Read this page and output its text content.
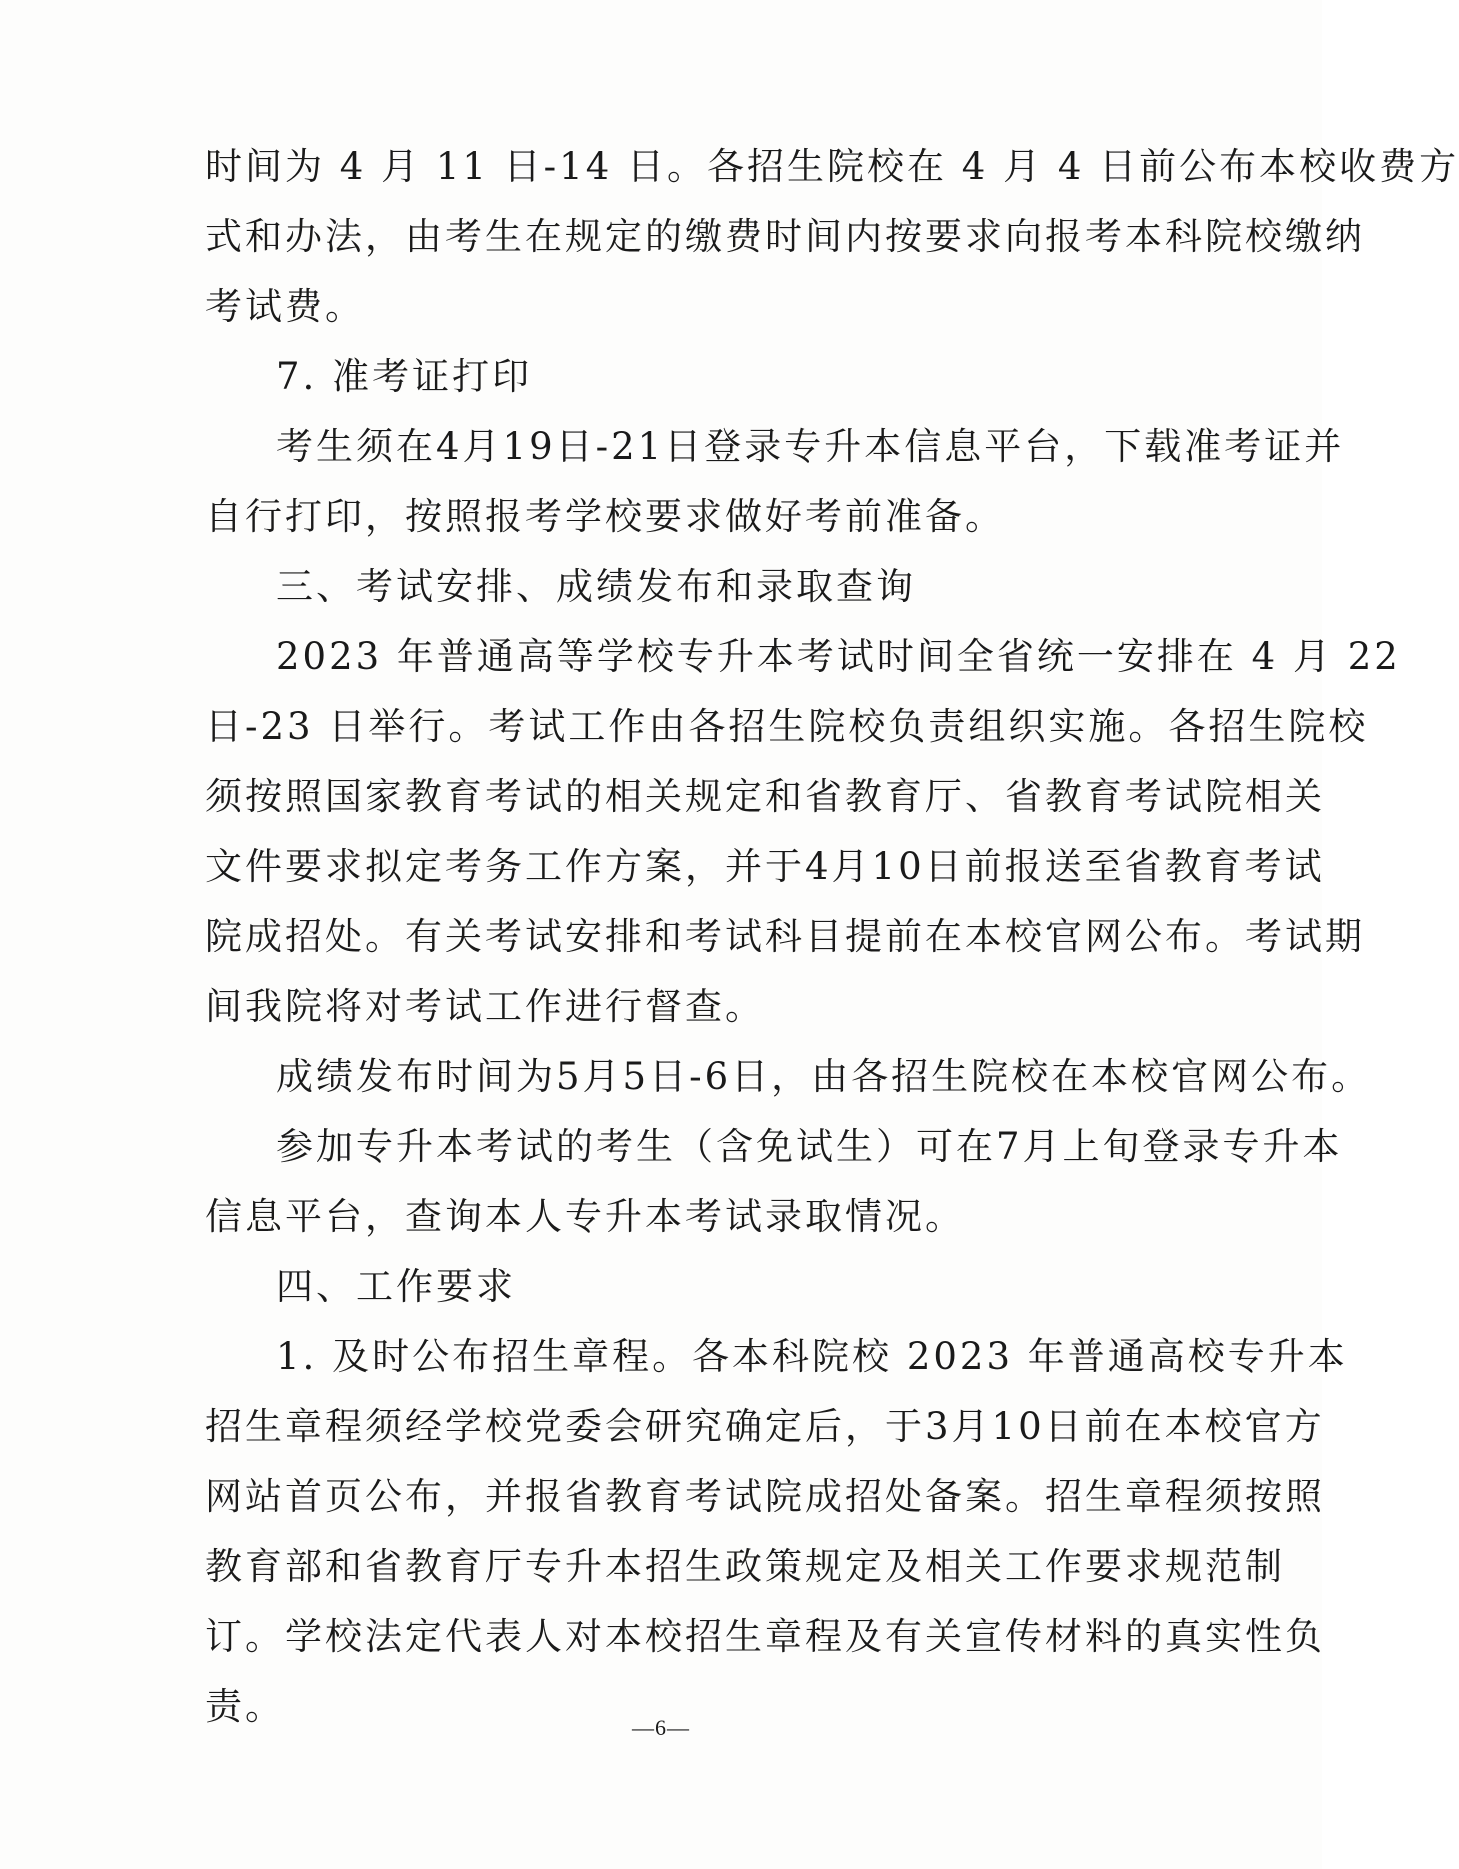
时间为 4 月 11 日-14 日。各招生院校在 4 月 4 日前公布本校收费方
式和办法，由考生在规定的缴费时间内按要求向报考本科院校缴纳
考试费。
7. 准考证打印
考生须在4月19日-21日登录专升本信息平台，下载准考证并
自行打印，按照报考学校要求做好考前准备。
三、考试安排、成绩发布和录取查询
2023 年普通高等学校专升本考试时间全省统一安排在 4 月 22
日-23 日举行。考试工作由各招生院校负责组织实施。各招生院校
须按照国家教育考试的相关规定和省教育厅、省教育考试院相关
文件要求拟定考务工作方案，并于4月10日前报送至省教育考试
院成招处。有关考试安排和考试科目提前在本校官网公布。考试期
间我院将对考试工作进行督查。
成绩发布时间为5月5日-6日，由各招生院校在本校官网公布。
参加专升本考试的考生（含免试生）可在7月上旬登录专升本
信息平台，查询本人专升本考试录取情况。
四、工作要求
1. 及时公布招生章程。各本科院校 2023 年普通高校专升本
招生章程须经学校党委会研究确定后，于3月10日前在本校官方
网站首页公布，并报省教育考试院成招处备案。招生章程须按照
教育部和省教育厅专升本招生政策规定及相关工作要求规范制
订。学校法定代表人对本校招生章程及有关宣传材料的真实性负
责。	—6—
